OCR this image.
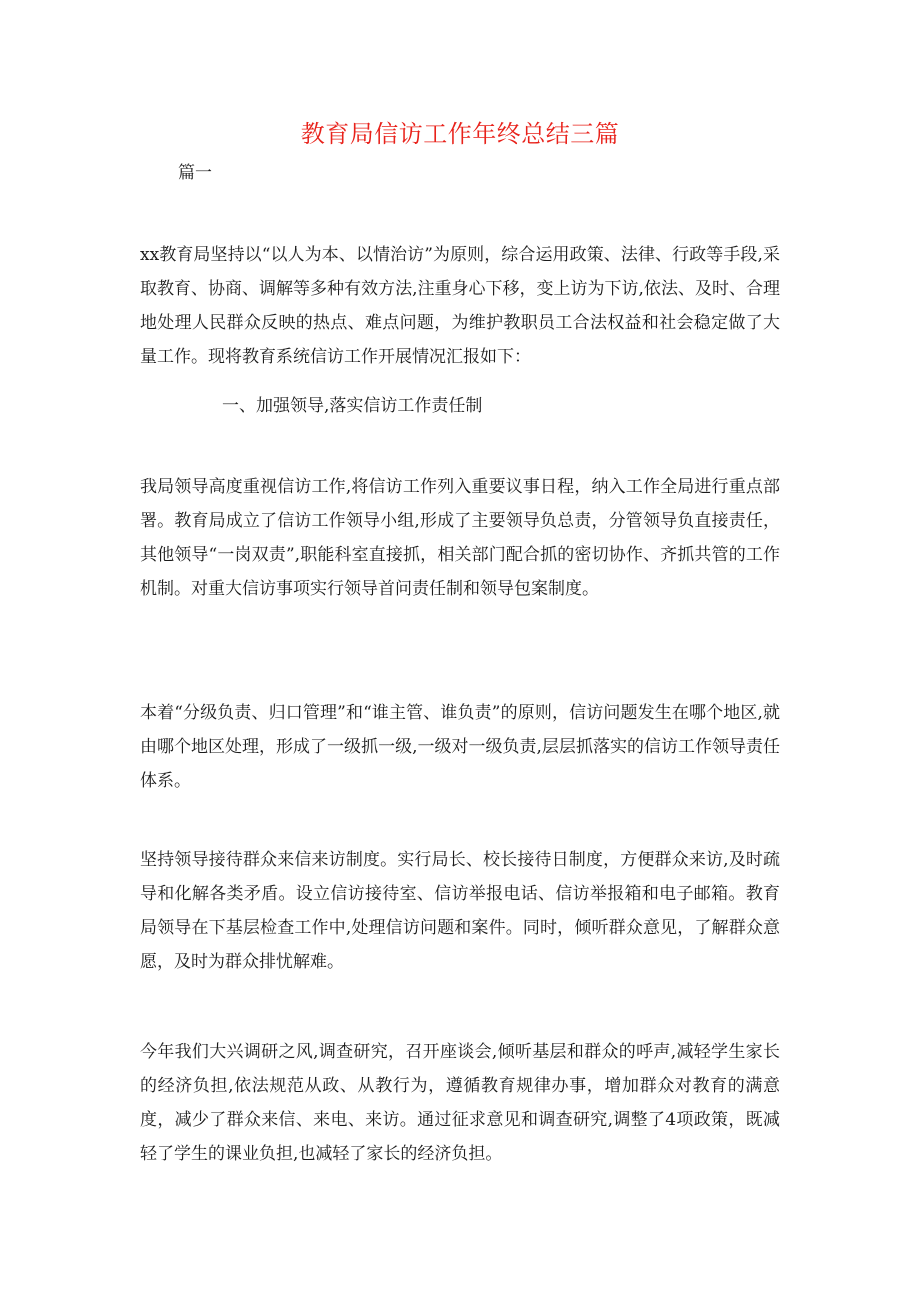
教育局信访工作年终总结三篇
篇一

xx教育局坚持以“以人为本、以情治访”为原则，综合运用政策、法律、行政等手段,采取教育、协商、调解等多种有效方法,注重身心下移，变上访为下访,依法、及时、合理地处理人民群众反映的热点、难点问题，为维护教职员工合法权益和社会稳定做了大量工作。现将教育系统信访工作开展情况汇报如下：

一、加强领导,落实信访工作责任制

我局领导高度重视信访工作,将信访工作列入重要议事日程，纳入工作全局进行重点部署。教育局成立了信访工作领导小组,形成了主要领导负总责，分管领导负直接责任，其他领导“一岗双责”,职能科室直接抓，相关部门配合抓的密切协作、齐抓共管的工作机制。对重大信访事项实行领导首问责任制和领导包案制度。

本着“分级负责、归口管理”和“谁主管、谁负责”的原则，信访问题发生在哪个地区,就由哪个地区处理，形成了一级抓一级,一级对一级负责,层层抓落实的信访工作领导责任体系。

坚持领导接待群众来信来访制度。实行局长、校长接待日制度，方便群众来访,及时疏导和化解各类矛盾。设立信访接待室、信访举报电话、信访举报箱和电子邮箱。教育局领导在下基层检查工作中,处理信访问题和案件。同时，倾听群众意见，了解群众意愿，及时为群众排忧解难。

今年我们大兴调研之风,调查研究，召开座谈会,倾听基层和群众的呼声,减轻学生家长的经济负担,依法规范从政、从教行为，遵循教育规律办事，增加群众对教育的满意度，减少了群众来信、来电、来访。通过征求意见和调查研究,调整了4项政策，既减轻了学生的课业负担,也减轻了家长的经济负担。
